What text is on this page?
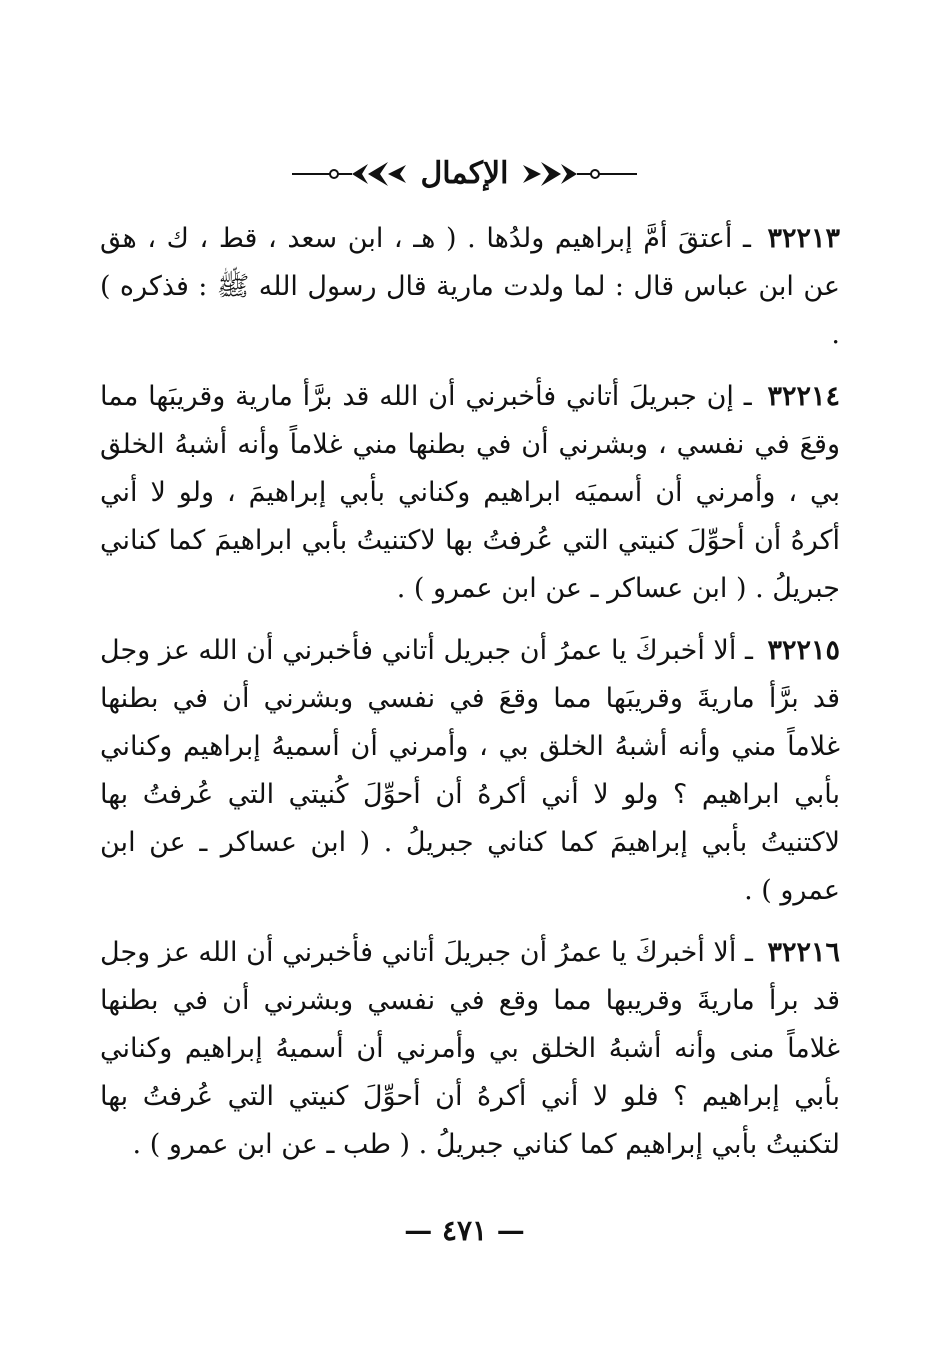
الإكمال

٣٢٢١٣ ـ أعتقَ أمَّ إبراهيم ولدُها . ( هـ ، ابن سعد ، قط ، ك ، هق عن ابن عباس قال : لما ولدت مارية قال رسول الله ﷺ : فذكره ) .

٣٢٢١٤ ـ إن جبريلَ أتاني فأخبرني أن الله قد برَّأ مارية وقريبَها مما وقعَ في نفسي ، وبشرني أن في بطنها مني غلاماً وأنه أشبهُ الخلق بي ، وأمرني أن أسميَه ابراهيم وكناني بأبي إبراهيمَ ، ولو لا أني أكرهُ أن أحوِّلَ كنيتي التي عُرفتُ بها لاكتنيتُ بأبي ابراهيمَ كما كناني جبريلُ . ( ابن عساكر ـ عن ابن عمرو ) .

٣٢٢١٥ ـ ألا أخبركَ يا عمرُ أن جبريل أتاني فأخبرني أن الله عز وجل قد برَّأ ماريةَ وقريبَها مما وقعَ في نفسي وبشرني أن في بطنها غلاماً مني وأنه أشبهُ الخلق بي ، وأمرني أن أسميهُ إبراهيم وكناني بأبي ابراهيم ؟ ولو لا أني أكرهُ أن أحوِّلَ كُنيتي التي عُرفتُ بها لاكتنيتُ بأبي إبراهيمَ كما كناني جبريلُ . ( ابن عساكر ـ عن ابن عمرو ) .

٣٢٢١٦ ـ ألا أخبركَ يا عمرُ أن جبريلَ أتاني فأخبرني أن الله عز وجل قد برأ ماريةَ وقريبها مما وقع في نفسي وبشرني أن في بطنها غلاماً منى وأنه أشبهُ الخلق بي وأمرني أن أسميهُ إبراهيم وكناني بأبي إبراهيم ؟ فلو لا أني أكرهُ أن أحوِّلَ كنيتي التي عُرفتُ بها لتكنيتُ بأبي إبراهيم كما كناني جبريلُ . ( طب ـ عن ابن عمرو ) .

— ٤٧١ —
